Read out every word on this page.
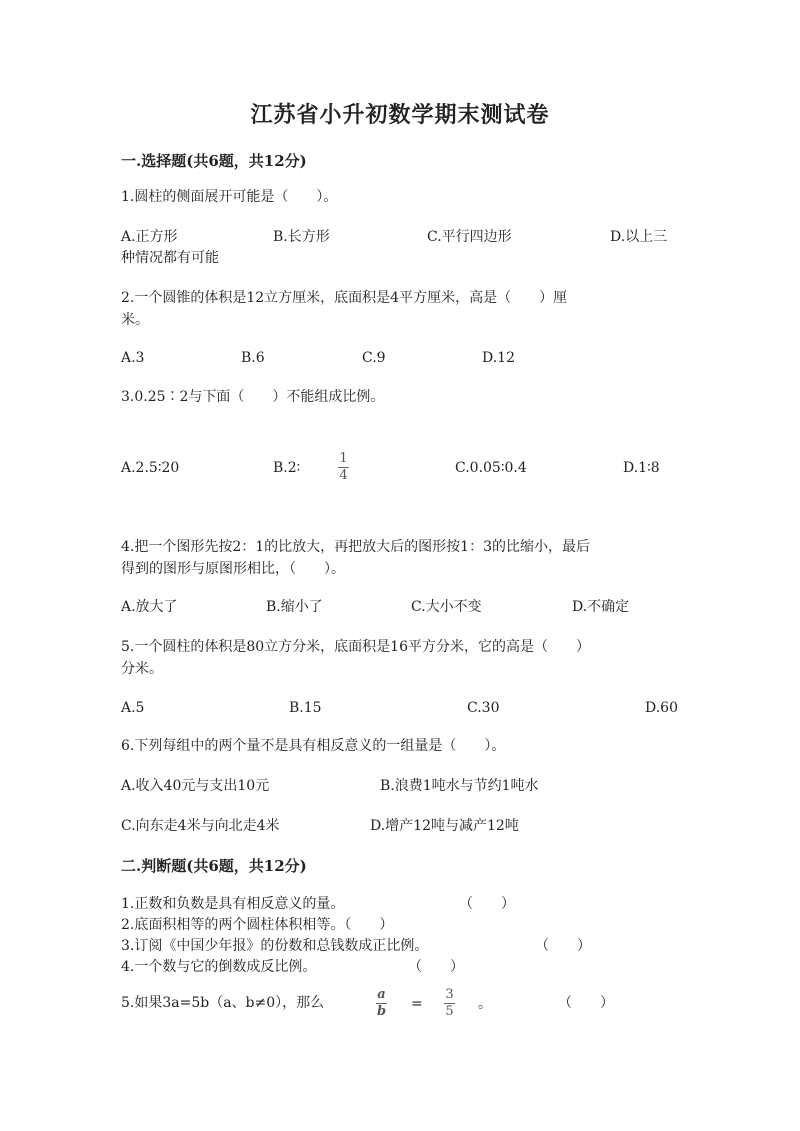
江苏省小升初数学期末测试卷
一.选择题(共6题，共12分)
1.圆柱的侧面展开可能是（　　）。
A.正方形	B.长方形	C.平行四边形	D.以上三
种情况都有可能
2.一个圆锥的体积是12立方厘米，底面积是4平方厘米，高是（　　）厘
米。
A.3	B.6	C.9	D.12
3.0.25∶2与下面（　　）不能组成比例。
A.2.5∶20	B.2∶
1
4	C.0.05∶0.4	D.1∶8
4.把一个图形先按2：1的比放大，再把放大后的图形按1：3的比缩小，最后
得到的图形与原图形相比，（　　）。
A.放大了	B.缩小了	C.大小不变	D.不确定
5.一个圆柱的体积是80立方分米，底面积是16平方分米，它的高是（　　）
分米。
A.5	B.15	C.30	D.60
6.下列每组中的两个量不是具有相反意义的一组量是（　　）。
A.收入40元与支出10元	B.浪费1吨水与节约1吨水
C.向东走4米与向北走4米	D.增产12吨与减产12吨
二.判断题(共6题，共12分)
1.正数和负数是具有相反意义的量。	（　　）
2.底面积相等的两个圆柱体积相等。（　　）
3.订阅《中国少年报》的份数和总钱数成正比例。	（　　）
4.一个数与它的倒数成反比例。	（　　）
5.如果3a=5b（a、b≠0），那么
a
b =
3
5 。	（　　）
